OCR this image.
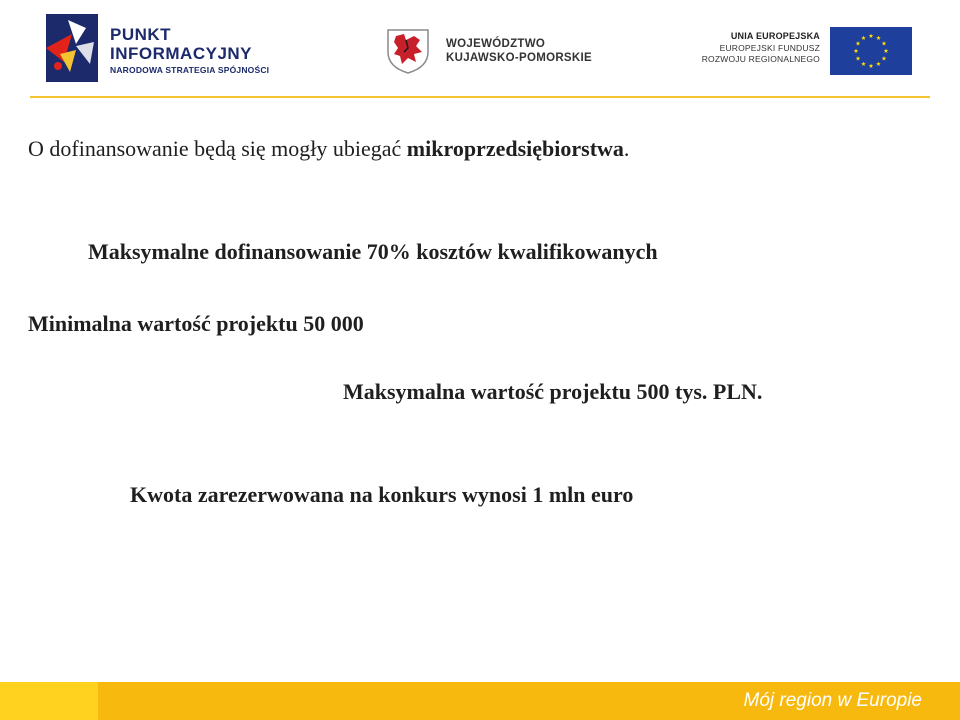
PUNKT
INFORMACYJNY
NARODOWA STRATEGIA SPÓJNOŚCI
WOJEWÓDZTWO
KUJAWSKO-POMORSKIE
UNIA EUROPEJSKA
EUROPEJSKI FUNDUSZ
ROZWOJU REGIONALNEGO
O dofinansowanie będą się mogły ubiegać mikroprzedsiębiorstwa.
Maksymalne dofinansowanie 70% kosztów kwalifikowanych
Minimalna wartość projektu 50 000
Maksymalna wartość projektu 500 tys. PLN.
Kwota zarezerwowana na konkurs wynosi 1 mln euro
Mój region w Europie
